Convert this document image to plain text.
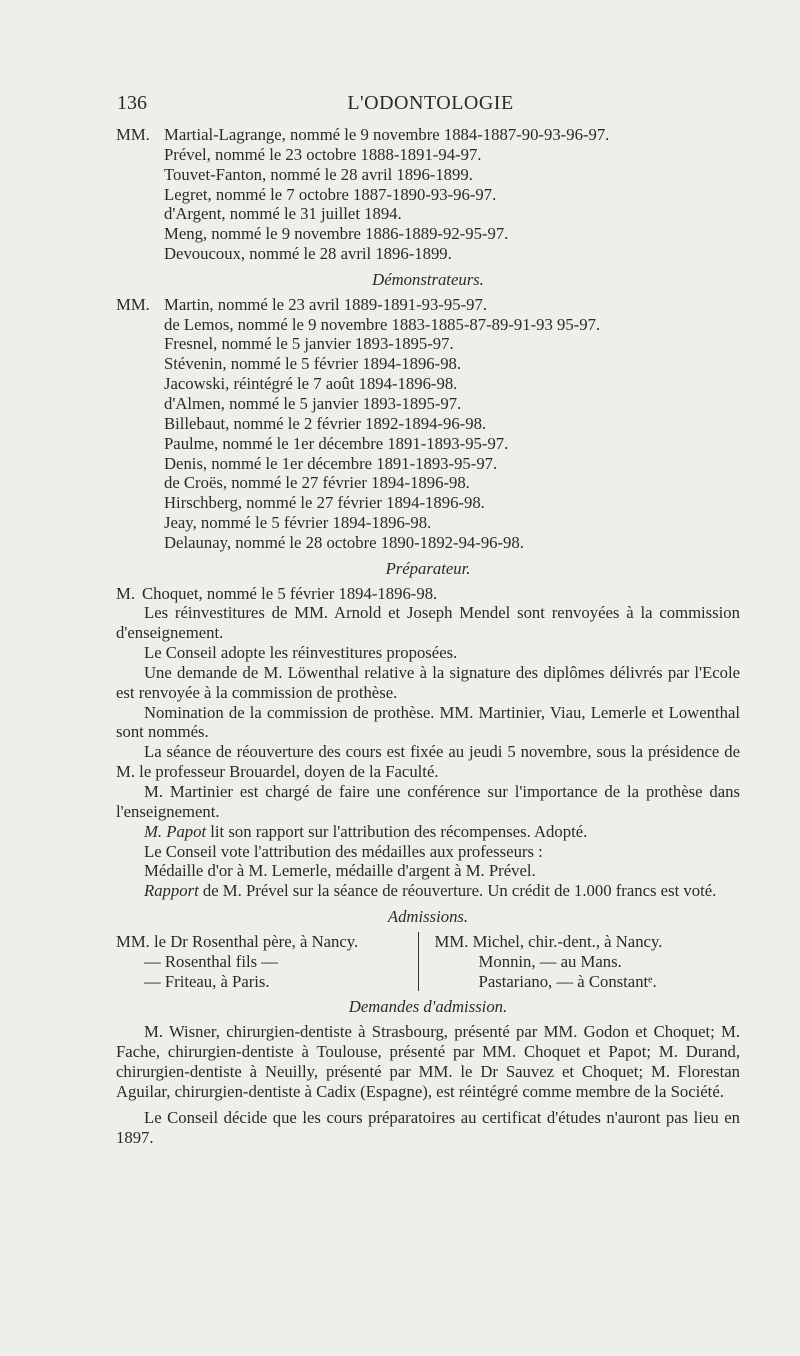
136	L'ODONTOLOGIE
MM. Martial-Lagrange, nommé le 9 novembre 1884-1887-90-93-96-97.
Prével, nommé le 23 octobre 1888-1891-94-97.
Touvet-Fanton, nommé le 28 avril 1896-1899.
Legret, nommé le 7 octobre 1887-1890-93-96-97.
d'Argent, nommé le 31 juillet 1894.
Meng, nommé le 9 novembre 1886-1889-92-95-97.
Devoucoux, nommé le 28 avril 1896-1899.
Démonstrateurs.
MM. Martin, nommé le 23 avril 1889-1891-93-95-97.
de Lemos, nommé le 9 novembre 1883-1885-87-89-91-93 95-97.
Fresnel, nommé le 5 janvier 1893-1895-97.
Stévenin, nommé le 5 février 1894-1896-98.
Jacowski, réintégré le 7 août 1894-1896-98.
d'Almen, nommé le 5 janvier 1893-1895-97.
Billebaut, nommé le 2 février 1892-1894-96-98.
Paulme, nommé le 1er décembre 1891-1893-95-97.
Denis, nommé le 1er décembre 1891-1893-95-97.
de Croës, nommé le 27 février 1894-1896-98.
Hirschberg, nommé le 27 février 1894-1896-98.
Jeay, nommé le 5 février 1894-1896-98.
Delaunay, nommé le 28 octobre 1890-1892-94-96-98.
Préparateur.
M. Choquet, nommé le 5 février 1894-1896-98.

Les réinvestitures de MM. Arnold et Joseph Mendel sont renvoyées à la commission d'enseignement.

Le Conseil adopte les réinvestitures proposées.

Une demande de M. Löwenthal relative à la signature des diplômes délivrés par l'Ecole est renvoyée à la commission de prothèse.

Nomination de la commission de prothèse. MM. Martinier, Viau, Lemerle et Lowenthal sont nommés.

La séance de réouverture des cours est fixée au jeudi 5 novembre, sous la présidence de M. le professeur Brouardel, doyen de la Faculté.

M. Martinier est chargé de faire une conférence sur l'importance de la prothèse dans l'enseignement.

M. Papot lit son rapport sur l'attribution des récompenses. Adopté.

Le Conseil vote l'attribution des médailles aux professeurs :

Médaille d'or à M. Lemerle, médaille d'argent à M. Prével.

Rapport de M. Prével sur la séance de réouverture. Un crédit de 1.000 francs est voté.

Admissions.
MM. le Dr Rosenthal père, à Nancy.
— Rosenthal fils —
— Friteau, à Paris.
MM. Michel, chir.-dent., à Nancy.
Monnin, — au Mans.
Pastariano, — à Constantᵉ.
Demandes d'admission.

M. Wisner, chirurgien-dentiste à Strasbourg, présenté par MM. Godon et Choquet; M. Fache, chirurgien-dentiste à Toulouse, présenté par MM. Choquet et Papot; M. Durand, chirurgien-dentiste à Neuilly, présenté par MM. le Dr Sauvez et Choquet; M. Florestan Aguilar, chirurgien-dentiste à Cadix (Espagne), est réintégré comme membre de la Société.

Le Conseil décide que les cours préparatoires au certificat d'études n'auront pas lieu en 1897.
